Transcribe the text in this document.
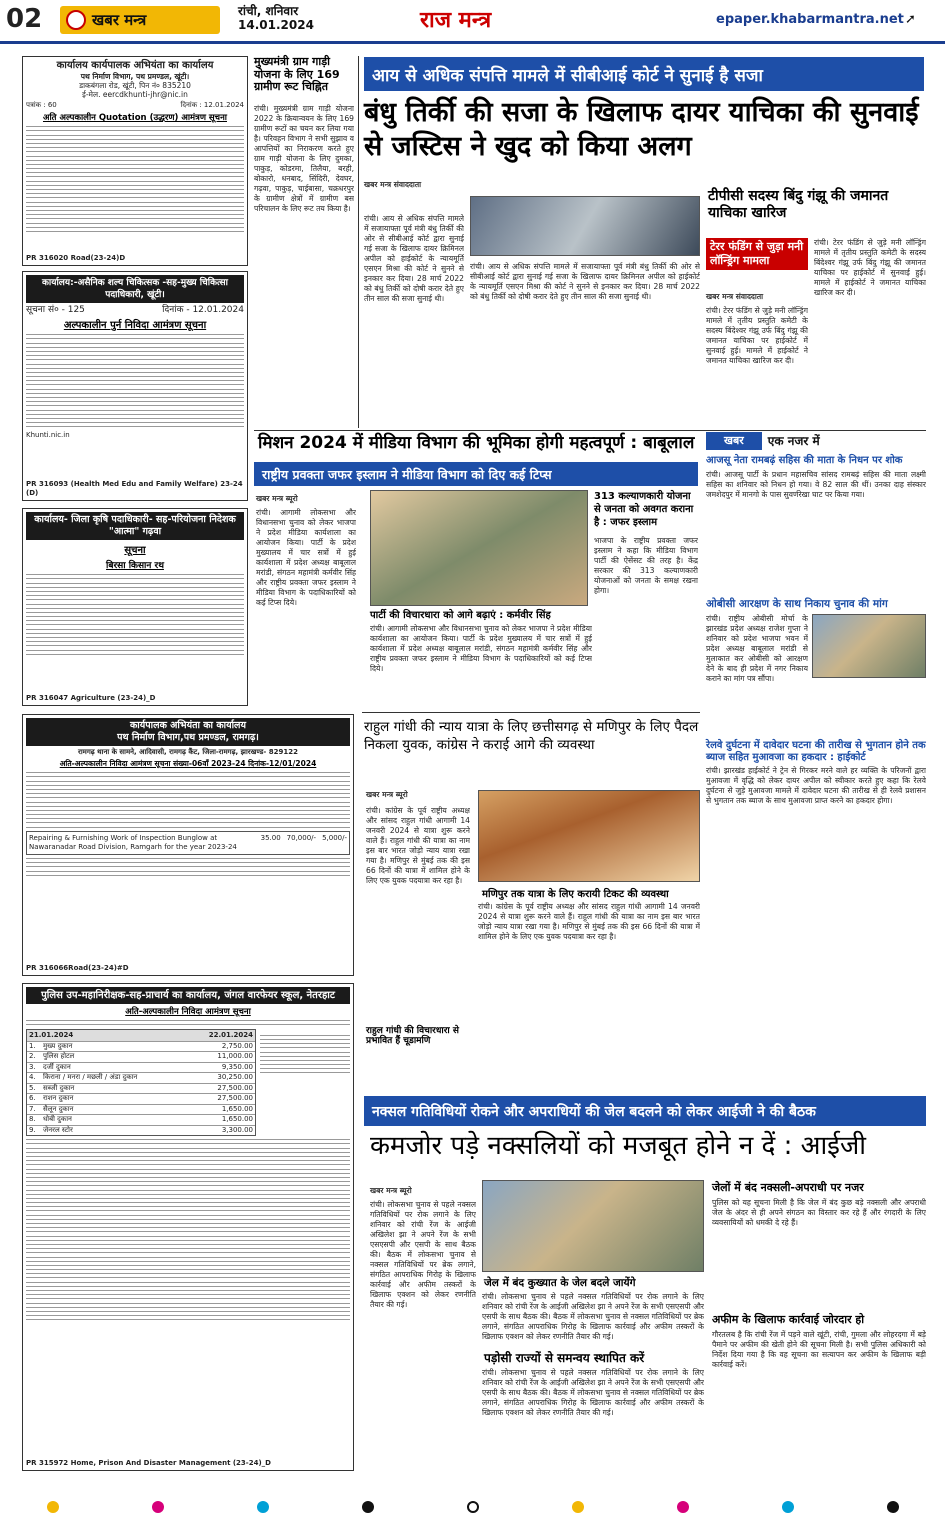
02	खबर मन्त्र	रांची, शनिवार
14.01.2024	राज मन्त्र	epaper.khabarmantra.net ➚
कार्यालय कार्यपालक अभियंता का कार्यालय
पथ निर्माण विभाग, पथ प्रमण्डल, खूंटी।
डाकबंगला रोड, खूंटी, पिन नं० 835210
ई-मेल. eercdkhunti-jhr@nic.in
पत्रांक : 60	दिनांक : 12.01.2024
अति अल्पकालीन Quotation (उद्धरण) आमंत्रण सूचना
PR 316020 Road(23-24)D
कार्यालय:-असैनिक शल्य चिकित्सक -सह-मुख्य चिकित्सा पदाधिकारी, खूंटी।
सूचना सं० - 125	दिनांक - 12.01.2024
अल्पकालीन पुर्न निविदा आमंत्रण सूचना
Khunti.nic.in
PR 316093 (Health Med Edu and Family Welfare) 23-24 (D)
कार्यालय- जिला कृषि पदाधिकारी- सह-परियोजना निदेशक "आत्मा" गढ़वा
सूचना
बिरसा किसान रथ
PR 316047 Agriculture (23-24)_D
कार्यपालक अभियंता का कार्यालय
पथ निर्माण विभाग,पथ प्रमण्डल, रामगढ़।
रामगढ़ थाना के सामने, आदिवासी, रामगढ़ कैंट, जिला-रामगढ़, झारखण्ड- 829122
अति-अल्पकालीन निविदा आमंत्रण सूचना संख्या-06वाँ 2023-24 दिनांक-12/01/2024
Repairing & Furnishing Work of Inspection Bunglow at Nawaranadar Road Division, Ramgarh for the year 2023-24
35.00 70,000/- 5,000/-
PR 316066Road(23-24)#D
पुलिस उप-महानिरीक्षक-सह-प्राचार्य का कार्यालय, जंगल वारफेयर स्कूल, नेतरहाट
अति-अल्पकालीन निविदा आमंत्रण सूचना
21.01.2024	22.01.2024
1.	मुख्य दुकान	2,750.00
2.	पुलिस होटल	11,000.00
3.	दर्जी दुकान	9,350.00
4.	किराना / मनरा / मछली / अंडा दुकान	30,250.00
5.	सब्जी दुकान	27,500.00
6.	राशन दुकान	27,500.00
7.	सैलून दुकान	1,650.00
8.	धोबी दुकान	1,650.00
9.	जेनरल स्टोर	3,300.00
PR 315972 Home, Prison And Disaster Management (23-24)_D
मुख्यमंत्री ग्राम गाड़ी योजना के लिए 169 ग्रामीण रूट चिह्नित
रांची। मुख्यमंत्री ग्राम गाड़ी योजना 2022 के क्रियान्वयन के लिए 169 ग्रामीण रूटों का चयन कर लिया गया है। परिवहन विभाग ने सभी सुझाव व आपत्तियों का निराकरण करते हुए ग्राम गाड़ी योजना के लिए दुमका, पाकुड़, कोडरमा, तिलैया, बरही, बोकारो, धनबाद, सिंदिरी, देवघर, गढ़वा, पाकुड़, चाईबासा, चक्रधरपुर के ग्रामीण क्षेत्रों में ग्रामीण बस परिचालन के लिए रूट तय किया है।
आय से अधिक संपत्ति मामले में सीबीआई कोर्ट ने सुनाई है सजा
बंधु तिर्की की सजा के खिलाफ दायर याचिका की सुनवाई से जस्टिस ने खुद को किया अलग
खबर मन्त्र संवाददाता
रांची। आय से अधिक संपत्ति मामले में सजायाफ्ता पूर्व मंत्री बंधु तिर्की की ओर से सीबीआई कोर्ट द्वारा सुनाई गई सजा के खिलाफ दायर क्रिमिनल अपील को हाईकोर्ट के न्यायमूर्ति एसएन मिश्रा की कोर्ट ने सुनने से इनकार कर दिया। 28 मार्च 2022 को बंधु तिर्की को दोषी करार देते हुए तीन साल की सजा सुनाई थी।
रांची। आय से अधिक संपत्ति मामले में सजायाफ्ता पूर्व मंत्री बंधु तिर्की की ओर से सीबीआई कोर्ट द्वारा सुनाई गई सजा के खिलाफ दायर क्रिमिनल अपील को हाईकोर्ट के न्यायमूर्ति एसएन मिश्रा की कोर्ट ने सुनने से इनकार कर दिया। 28 मार्च 2022 को बंधु तिर्की को दोषी करार देते हुए तीन साल की सजा सुनाई थी।
टीपीसी सदस्य बिंदु गंझू की जमानत याचिका खारिज
टेरर फंडिंग से जुड़ा मनी लॉन्ड्रिंग मामला
खबर मन्त्र संवाददाता
रांची। टेरर फंडिंग से जुड़े मनी लॉन्ड्रिंग मामले में तृतीय प्रस्तुति कमेटी के सदस्य बिंदेश्वर गंझू उर्फ बिंदु गंझू की जमानत याचिका पर हाईकोर्ट में सुनवाई हुई। मामले में हाईकोर्ट ने जमानत याचिका खारिज कर दी।
रांची। टेरर फंडिंग से जुड़े मनी लॉन्ड्रिंग मामले में तृतीय प्रस्तुति कमेटी के सदस्य बिंदेश्वर गंझू उर्फ बिंदु गंझू की जमानत याचिका पर हाईकोर्ट में सुनवाई हुई। मामले में हाईकोर्ट ने जमानत याचिका खारिज कर दी।
मिशन 2024 में मीडिया विभाग की भूमिका होगी महत्वपूर्ण : बाबूलाल
राष्ट्रीय प्रवक्ता जफर इस्लाम ने मीडिया विभाग को दिए कई टिप्स
खबर मन्त्र ब्यूरो
रांची। आगामी लोकसभा और विधानसभा चुनाव को लेकर भाजपा ने प्रदेश मीडिया कार्यशाला का आयोजन किया। पार्टी के प्रदेश मुख्यालय में चार सत्रों में हुई कार्यशाला में प्रदेश अध्यक्ष बाबूलाल मरांडी, संगठन महामंत्री कर्मवीर सिंह और राष्ट्रीय प्रवक्ता जफर इस्लाम ने मीडिया विभाग के पदाधिकारियों को कई टिप्स दिये।
313 कल्याणकारी योजना से जनता को अवगत कराना है : जफर इस्लाम
भाजपा के राष्ट्रीय प्रवक्ता जफर इस्लाम ने कहा कि मीडिया विभाग पार्टी की ऐसेंसट की तरह है। केंद्र सरकार की 313 कल्याणकारी योजनाओं को जनता के समक्ष रखना होगा।
पार्टी की विचारधारा को आगे बढ़ाएं : कर्मवीर सिंह
रांची। आगामी लोकसभा और विधानसभा चुनाव को लेकर भाजपा ने प्रदेश मीडिया कार्यशाला का आयोजन किया। पार्टी के प्रदेश मुख्यालय में चार सत्रों में हुई कार्यशाला में प्रदेश अध्यक्ष बाबूलाल मरांडी, संगठन महामंत्री कर्मवीर सिंह और राष्ट्रीय प्रवक्ता जफर इस्लाम ने मीडिया विभाग के पदाधिकारियों को कई टिप्स दिये।
खबर	एक नजर में
आजसू नेता रामबढ़ं सहिस की माता के निधन पर शोक
रांची। आजसू पार्टी के प्रधान महासचिव सांसद रामबढ़ं सहिस की माता लक्ष्मी सहिस का शनिवार को निधन हो गया। वे 82 साल की थीं। उनका दाह संस्कार जमशेदपुर में मानगो के पास सुवर्णरेखा घाट पर किया गया।
ओबीसी आरक्षण के साथ निकाय चुनाव की मांग
रांची। राष्ट्रीय ओबीसी मोर्चा के झारखंड प्रदेश अध्यक्ष राजेश गुप्ता ने शनिवार को प्रदेश भाजपा भवन में प्रदेश अध्यक्ष बाबूलाल मरांडी से मुलाकात कर ओबीसी को आरक्षण देने के बाद ही प्रदेश में नगर निकाय कराने का मांग पत्र सौंपा।
रेलवे दुर्घटना में दावेदार घटना की तारीख से भुगतान होने तक ब्याज सहित मुआवजा का हकदार : हाईकोर्ट
रांची। झारखंड हाईकोर्ट ने ट्रेन से गिरकर मरने वाले हर व्यक्ति के परिजनों द्वारा मुआवजा में वृद्धि को लेकर दायर अपील को स्वीकार करते हुए कहा कि रेलवे दुर्घटना से जुड़े मुआवजा मामले में दावेदार घटना की तारीख से ही रेलवे प्रशासन से भुगतान तक ब्याज के साथ मुआवजा प्राप्त करने का हकदार होगा।
राहुल गांधी की न्याय यात्रा के लिए छत्तीसगढ़ से मणिपुर के लिए पैदल निकला युवक, कांग्रेस ने कराई आगे की व्यवस्था
खबर मन्त्र ब्यूरो
रांची। कांग्रेस के पूर्व राष्ट्रीय अध्यक्ष और सांसद राहुल गांधी आगामी 14 जनवरी 2024 से यात्रा शुरू करने वाले हैं। राहुल गांधी की यात्रा का नाम इस बार भारत जोड़ो न्याय यात्रा रखा गया है। मणिपुर से मुंबई तक की इस 66 दिनों की यात्रा में शामिल होने के लिए एक युवक पदयात्रा कर रहा है।
मणिपुर तक यात्रा के लिए करायी टिकट की व्यवस्था
रांची। कांग्रेस के पूर्व राष्ट्रीय अध्यक्ष और सांसद राहुल गांधी आगामी 14 जनवरी 2024 से यात्रा शुरू करने वाले हैं। राहुल गांधी की यात्रा का नाम इस बार भारत जोड़ो न्याय यात्रा रखा गया है। मणिपुर से मुंबई तक की इस 66 दिनों की यात्रा में शामिल होने के लिए एक युवक पदयात्रा कर रहा है।
राहुल गांधी की विचारधारा से प्रभावित हैं चूडामणि
नक्सल गतिविधियों रोकने और अपराधियों की जेल बदलने को लेकर आईजी ने की बैठक
कमजोर पड़े नक्सलियों को मजबूत होने न दें : आईजी
खबर मन्त्र ब्यूरो
रांची। लोकसभा चुनाव से पहले नक्सल गतिविधियों पर रोक लगाने के लिए शनिवार को रांची रेंज के आईजी अखिलेश झा ने अपने रेंज के सभी एसएसपी और एसपी के साथ बैठक की। बैठक में लोकसभा चुनाव से नक्सल गतिविधियों पर ब्रेक लगाने, संगठित आपराधिक गिरोह के खिलाफ कार्रवाई और अफीम तस्करों के खिलाफ एक्शन को लेकर रणनीति तैयार की गई।
जेल में बंद कुख्यात के जेल बदले जायेंगे
रांची। लोकसभा चुनाव से पहले नक्सल गतिविधियों पर रोक लगाने के लिए शनिवार को रांची रेंज के आईजी अखिलेश झा ने अपने रेंज के सभी एसएसपी और एसपी के साथ बैठक की। बैठक में लोकसभा चुनाव से नक्सल गतिविधियों पर ब्रेक लगाने, संगठित आपराधिक गिरोह के खिलाफ कार्रवाई और अफीम तस्करों के खिलाफ एक्शन को लेकर रणनीति तैयार की गई।
पड़ोसी राज्यों से समन्वय स्थापित करें
रांची। लोकसभा चुनाव से पहले नक्सल गतिविधियों पर रोक लगाने के लिए शनिवार को रांची रेंज के आईजी अखिलेश झा ने अपने रेंज के सभी एसएसपी और एसपी के साथ बैठक की। बैठक में लोकसभा चुनाव से नक्सल गतिविधियों पर ब्रेक लगाने, संगठित आपराधिक गिरोह के खिलाफ कार्रवाई और अफीम तस्करों के खिलाफ एक्शन को लेकर रणनीति तैयार की गई।
जेलों में बंद नक्सली-अपराधी पर नजर
पुलिस को यह सूचना मिली है कि जेल में बंद कुछ बड़े नक्सली और अपराधी जेल के अंदर से ही अपने संगठन का विस्तार कर रहे हैं और रंगदारी के लिए व्यवसायियों को धमकी दे रहे हैं।
अफीम के खिलाफ कार्रवाई जोरदार हो
गौरतलब है कि रांची रेंज में पड़ने वाले खूंटी, रांची, गुमला और लोहरदगा में बड़े पैमाने पर अफीम की खेती होने की सूचना मिली है। सभी पुलिस अधिकारी को निर्देश दिया गया है कि वह सूचना का सत्यापन कर अफीम के खिलाफ बड़ी कार्रवाई करें।
